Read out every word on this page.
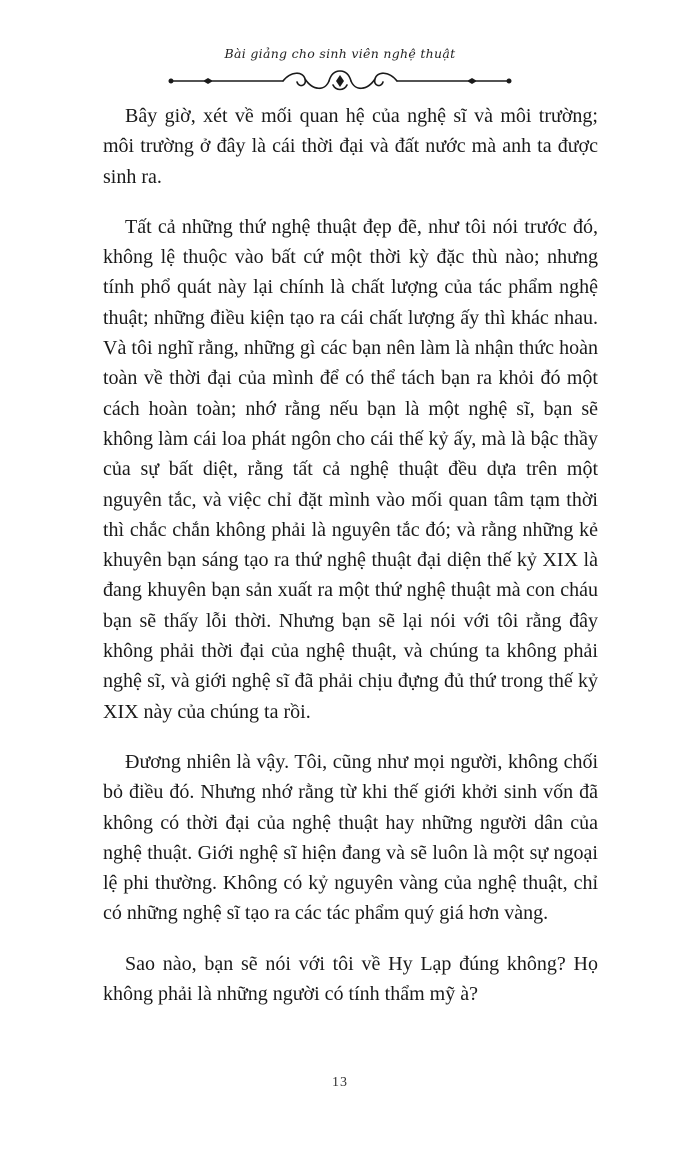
Bài giảng cho sinh viên nghệ thuật

Bây giờ, xét về mối quan hệ của nghệ sĩ và môi trường; môi trường ở đây là cái thời đại và đất nước mà anh ta được sinh ra.

Tất cả những thứ nghệ thuật đẹp đẽ, như tôi nói trước đó, không lệ thuộc vào bất cứ một thời kỳ đặc thù nào; nhưng tính phổ quát này lại chính là chất lượng của tác phẩm nghệ thuật; những điều kiện tạo ra cái chất lượng ấy thì khác nhau. Và tôi nghĩ rằng, những gì các bạn nên làm là nhận thức hoàn toàn về thời đại của mình để có thể tách bạn ra khỏi đó một cách hoàn toàn; nhớ rằng nếu bạn là một nghệ sĩ, bạn sẽ không làm cái loa phát ngôn cho cái thế kỷ ấy, mà là bậc thầy của sự bất diệt, rằng tất cả nghệ thuật đều dựa trên một nguyên tắc, và việc chỉ đặt mình vào mối quan tâm tạm thời thì chắc chắn không phải là nguyên tắc đó; và rằng những kẻ khuyên bạn sáng tạo ra thứ nghệ thuật đại diện thế kỷ XIX là đang khuyên bạn sản xuất ra một thứ nghệ thuật mà con cháu bạn sẽ thấy lỗi thời. Nhưng bạn sẽ lại nói với tôi rằng đây không phải thời đại của nghệ thuật, và chúng ta không phải nghệ sĩ, và giới nghệ sĩ đã phải chịu đựng đủ thứ trong thế kỷ XIX này của chúng ta rồi.

Đương nhiên là vậy. Tôi, cũng như mọi người, không chối bỏ điều đó. Nhưng nhớ rằng từ khi thế giới khởi sinh vốn đã không có thời đại của nghệ thuật hay những người dân của nghệ thuật. Giới nghệ sĩ hiện đang và sẽ luôn là một sự ngoại lệ phi thường. Không có kỷ nguyên vàng của nghệ thuật, chỉ có những nghệ sĩ tạo ra các tác phẩm quý giá hơn vàng.

Sao nào, bạn sẽ nói với tôi về Hy Lạp đúng không? Họ không phải là những người có tính thẩm mỹ à?

13
